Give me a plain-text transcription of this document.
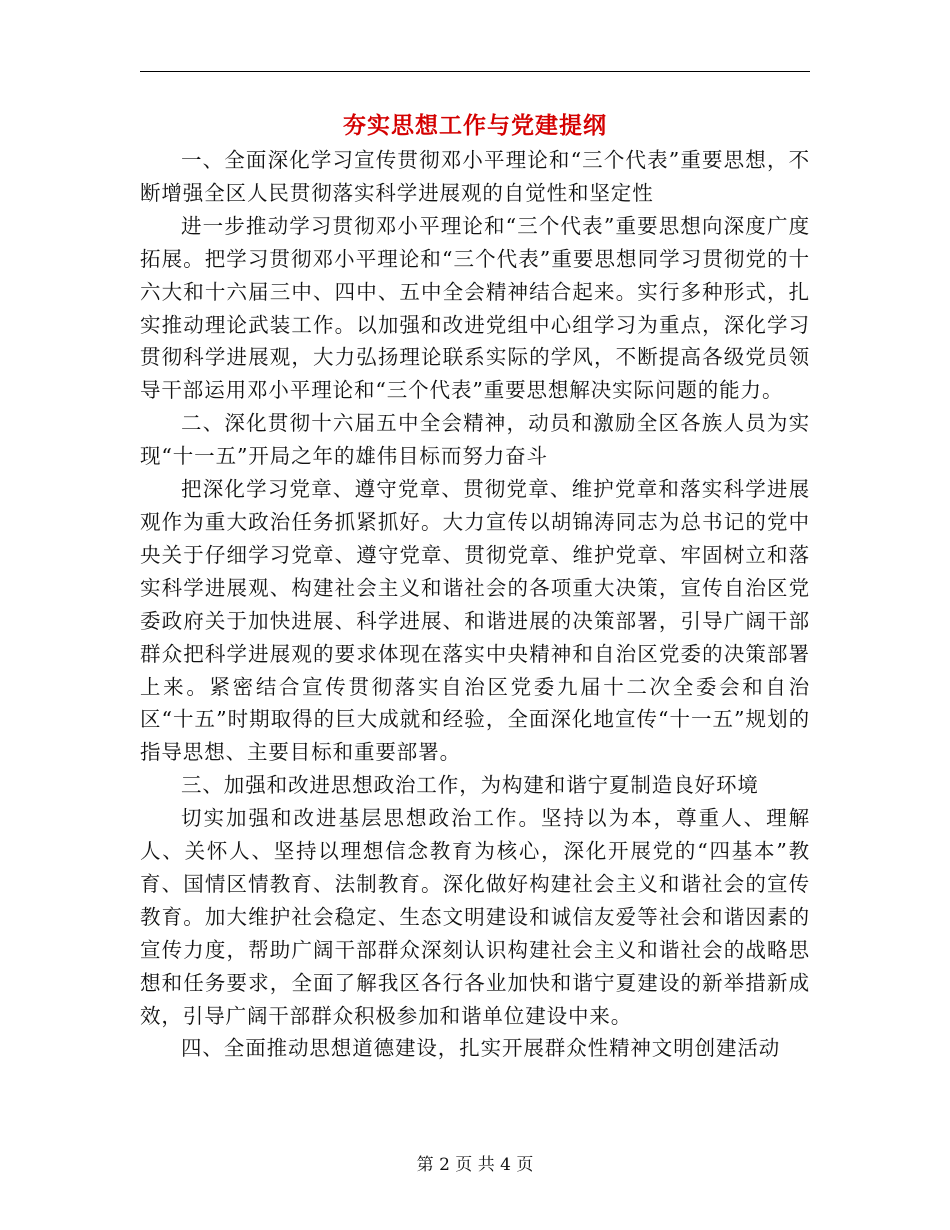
夯实思想工作与党建提纲

一、全面深化学习宣传贯彻邓小平理论和“三个代表”重要思想，不断增强全区人民贯彻落实科学进展观的自觉性和坚定性

进一步推动学习贯彻邓小平理论和“三个代表”重要思想向深度广度拓展。把学习贯彻邓小平理论和“三个代表”重要思想同学习贯彻党的十六大和十六届三中、四中、五中全会精神结合起来。实行多种形式，扎实推动理论武装工作。以加强和改进党组中心组学习为重点，深化学习贯彻科学进展观，大力弘扬理论联系实际的学风，不断提高各级党员领导干部运用邓小平理论和“三个代表”重要思想解决实际问题的能力。

二、深化贯彻十六届五中全会精神，动员和激励全区各族人员为实现“十一五”开局之年的雄伟目标而努力奋斗

把深化学习党章、遵守党章、贯彻党章、维护党章和落实科学进展观作为重大政治任务抓紧抓好。大力宣传以胡锦涛同志为总书记的党中央关于仔细学习党章、遵守党章、贯彻党章、维护党章、牢固树立和落实科学进展观、构建社会主义和谐社会的各项重大决策，宣传自治区党委政府关于加快进展、科学进展、和谐进展的决策部署，引导广阔干部群众把科学进展观的要求体现在落实中央精神和自治区党委的决策部署上来。紧密结合宣传贯彻落实自治区党委九届十二次全委会和自治区“十五”时期取得的巨大成就和经验，全面深化地宣传“十一五”规划的指导思想、主要目标和重要部署。

三、加强和改进思想政治工作，为构建和谐宁夏制造良好环境

切实加强和改进基层思想政治工作。坚持以为本，尊重人、理解人、关怀人、坚持以理想信念教育为核心，深化开展党的“四基本”教育、国情区情教育、法制教育。深化做好构建社会主义和谐社会的宣传教育。加大维护社会稳定、生态文明建设和诚信友爱等社会和谐因素的宣传力度，帮助广阔干部群众深刻认识构建社会主义和谐社会的战略思想和任务要求，全面了解我区各行各业加快和谐宁夏建设的新举措新成效，引导广阔干部群众积极参加和谐单位建设中来。

四、全面推动思想道德建设，扎实开展群众性精神文明创建活动

第 2 页 共 4 页
